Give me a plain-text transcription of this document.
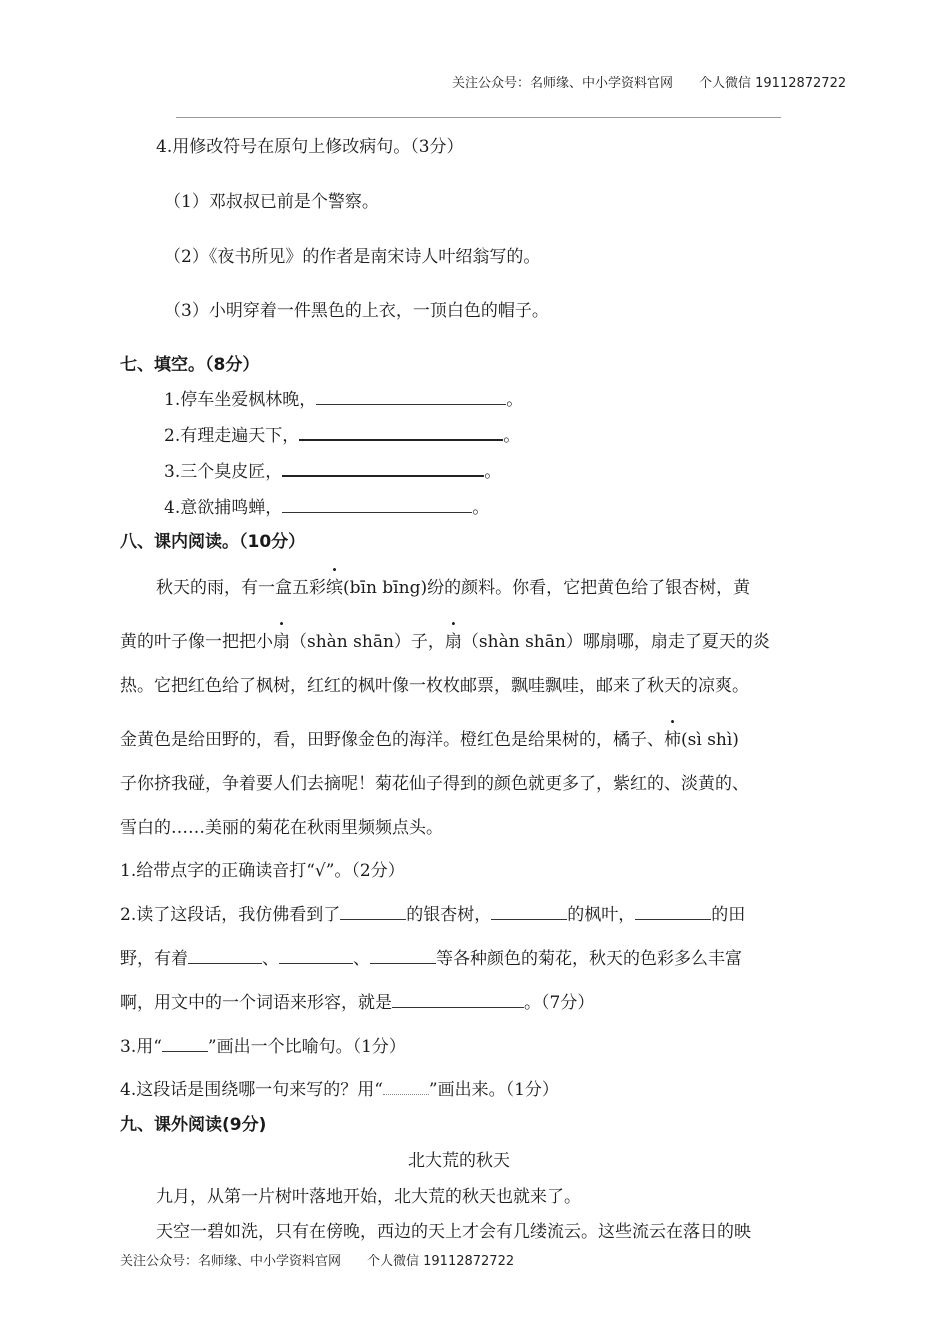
关注公众号：名师缘、中小学资料官网　　个人微信 19112872722
4.用修改符号在原句上修改病句。（3分）
（1）邓叔叔已前是个警察。
（2）《夜书所见》的作者是南宋诗人叶绍翁写的。
（3）小明穿着一件黑色的上衣，一顶白色的帽子。
七、填空。（8分）
1.停车坐爱枫林晚，	。
2.有理走遍天下，	。
3.三个臭皮匠，	。
4.意欲捕鸣蝉，	。
八、课内阅读。（10分）
秋天的雨，有一盒五彩缤(bīn bīng)纷的颜料。你看，它把黄色给了银杏树，黄
黄的叶子像一把把小扇（shàn shān）子，扇（shàn shān）哪扇哪，扇走了夏天的炎
热。它把红色给了枫树，红红的枫叶像一枚枚邮票，飘哇飘哇，邮来了秋天的凉爽。
金黄色是给田野的，看，田野像金色的海洋。橙红色是给果树的，橘子、柿(sì shì)
子你挤我碰，争着要人们去摘呢！菊花仙子得到的颜色就更多了，紫红的、淡黄的、
雪白的……美丽的菊花在秋雨里频频点头。
1.给带点字的正确读音打“√”。（2分）
2.读了这段话，我仿佛看到了	的银杏树，	的枫叶，	的田
野，有着	、	、	等各种颜色的菊花，秋天的色彩多么丰富
啊，用文中的一个词语来形容，就是	。（7分）
3.用“	”画出一个比喻句。（1分）
4.这段话是围绕哪一句来写的？用“	”画出来。（1分）
九、课外阅读(9分)
北大荒的秋天
九月，从第一片树叶落地开始，北大荒的秋天也就来了。
天空一碧如洗，只有在傍晚，西边的天上才会有几缕流云。这些流云在落日的映
关注公众号：名师缘、中小学资料官网　　个人微信 19112872722
